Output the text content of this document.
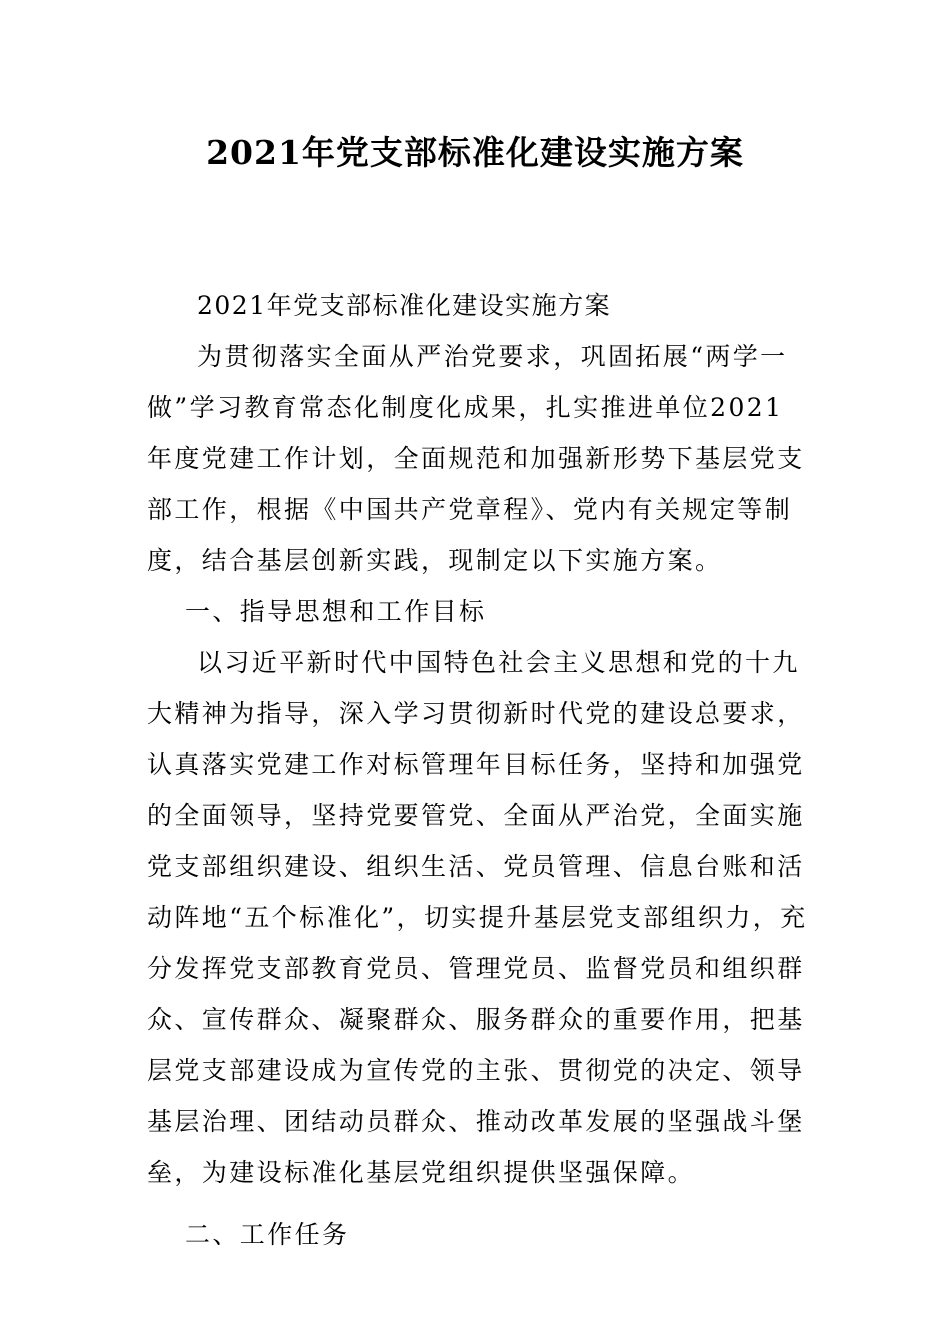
2021年党支部标准化建设实施方案

2021年党支部标准化建设实施方案

为贯彻落实全面从严治党要求，巩固拓展“两学一做”学习教育常态化制度化成果，扎实推进单位2021年度党建工作计划，全面规范和加强新形势下基层党支部工作，根据《中国共产党章程》、党内有关规定等制度，结合基层创新实践，现制定以下实施方案。

一、指导思想和工作目标

以习近平新时代中国特色社会主义思想和党的十九大精神为指导，深入学习贯彻新时代党的建设总要求，认真落实党建工作对标管理年目标任务，坚持和加强党的全面领导，坚持党要管党、全面从严治党，全面实施党支部组织建设、组织生活、党员管理、信息台账和活动阵地“五个标准化”，切实提升基层党支部组织力，充分发挥党支部教育党员、管理党员、监督党员和组织群众、宣传群众、凝聚群众、服务群众的重要作用，把基层党支部建设成为宣传党的主张、贯彻党的决定、领导基层治理、团结动员群众、推动改革发展的坚强战斗堡垒，为建设标准化基层党组织提供坚强保障。

二、工作任务
